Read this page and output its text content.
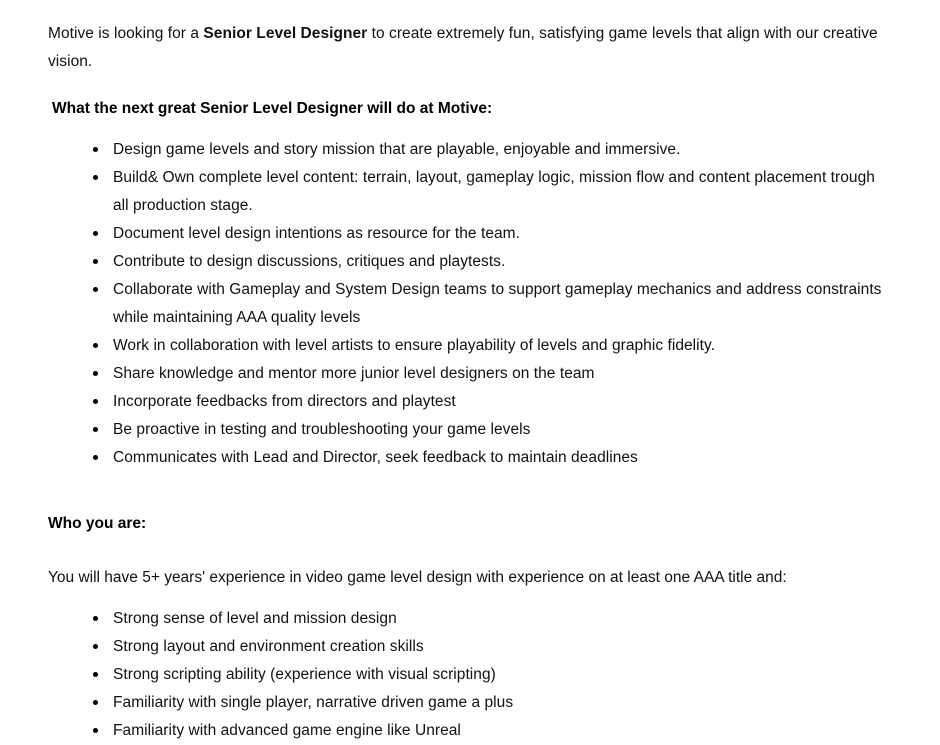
Motive is looking for a Senior Level Designer to create extremely fun, satisfying game levels that align with our creative vision.

What the next great Senior Level Designer will do at Motive:
Design game levels and story mission that are playable, enjoyable and immersive.
Build& Own complete level content: terrain, layout, gameplay logic, mission flow and content placement trough all production stage.
Document level design intentions as resource for the team.
Contribute to design discussions, critiques and playtests.
Collaborate with Gameplay and System Design teams to support gameplay mechanics and address constraints while maintaining AAA quality levels
Work in collaboration with level artists to ensure playability of levels and graphic fidelity.
Share knowledge and mentor more junior level designers on the team
Incorporate feedbacks from directors and playtest
Be proactive in testing and troubleshooting your game levels
Communicates with Lead and Director, seek feedback to maintain deadlines
Who you are:

You will have 5+ years' experience in video game level design with experience on at least one AAA title and:

Strong sense of level and mission design
Strong layout and environment creation skills
Strong scripting ability (experience with visual scripting)
Familiarity with single player, narrative driven game a plus
Familiarity with advanced game engine like Unreal
